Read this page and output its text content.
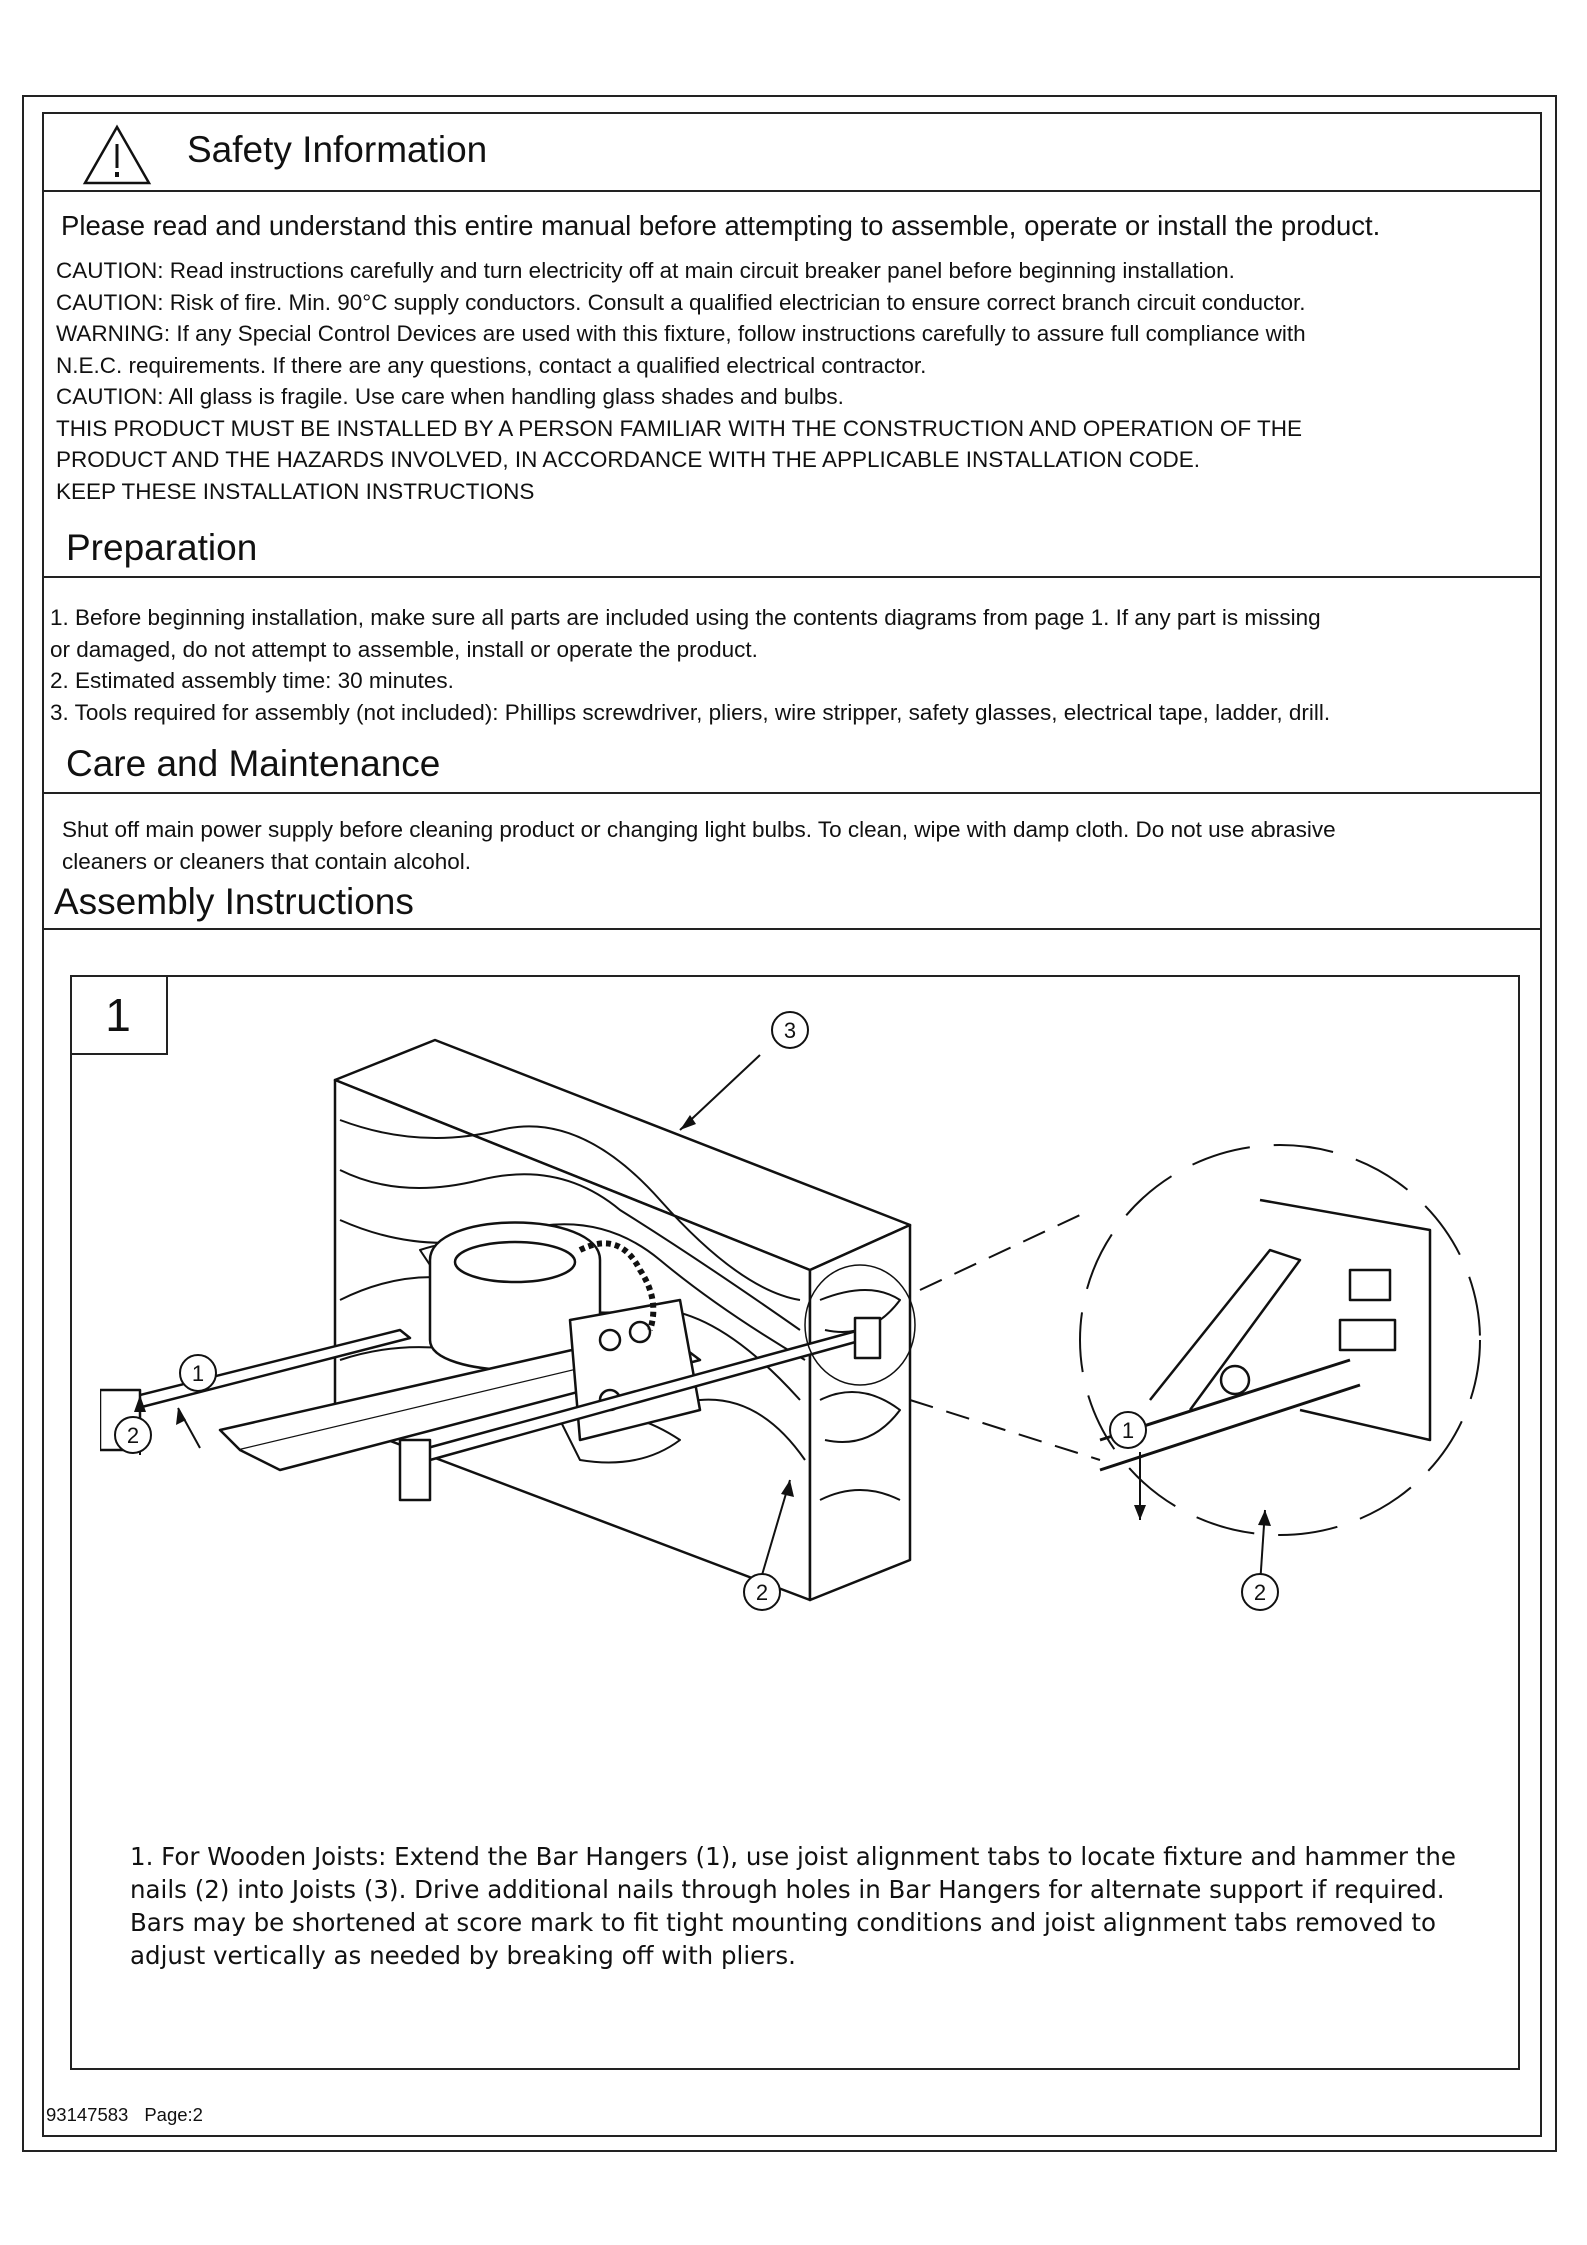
Safety Information
Please read and understand this entire manual before attempting to assemble, operate or install the product.
CAUTION: Read instructions carefully and turn electricity off at main circuit breaker panel before beginning installation.
CAUTION: Risk of fire. Min. 90°C supply conductors. Consult a qualified electrician to ensure correct branch circuit conductor.
WARNING: If any Special Control Devices are used with this fixture, follow instructions carefully to assure full compliance with
N.E.C. requirements. If there are any questions, contact a qualified electrical contractor.
CAUTION: All glass is fragile. Use care when handling glass shades and bulbs.
THIS PRODUCT MUST BE INSTALLED BY A PERSON FAMILIAR WITH THE CONSTRUCTION AND OPERATION OF THE
PRODUCT AND THE HAZARDS INVOLVED, IN ACCORDANCE WITH THE APPLICABLE INSTALLATION CODE.
KEEP THESE INSTALLATION INSTRUCTIONS
Preparation
1. Before beginning installation, make sure all parts are included using the contents diagrams from page 1. If any part is missing
or damaged, do not attempt to assemble, install or operate the product.
2. Estimated assembly time: 30 minutes.
3. Tools required for assembly (not included): Phillips screwdriver, pliers, wire stripper, safety glasses, electrical tape, ladder, drill.
Care and Maintenance
Shut off main power supply before cleaning product or changing light bulbs. To clean, wipe with damp cloth. Do not use abrasive
cleaners or cleaners that contain alcohol.
Assembly Instructions
1	3
1
2
2
1
2
1. For Wooden Joists: Extend the Bar Hangers (1), use joist alignment tabs to locate fixture and hammer the
nails (2) into Joists (3). Drive additional nails through holes in Bar Hangers for alternate support if required.
Bars may be shortened at score mark to fit tight mounting conditions and joist alignment tabs removed to
adjust vertically as needed by breaking off with pliers.
93147583 Page:2
